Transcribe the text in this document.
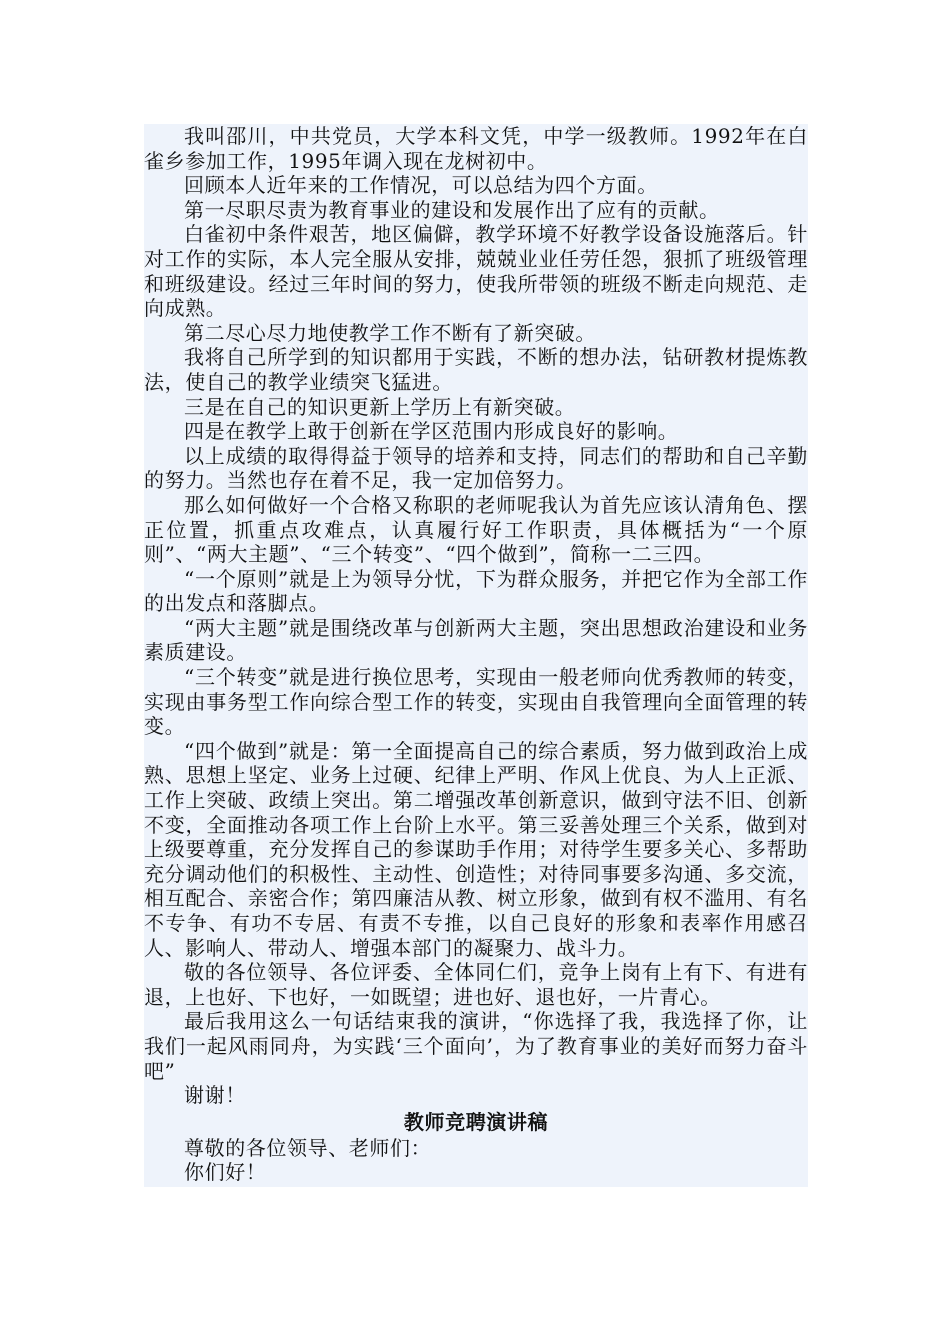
我叫邵川，中共党员，大学本科文凭，中学一级教师。1992年在白雀乡参加工作，1995年调入现在龙树初中。

回顾本人近年来的工作情况，可以总结为四个方面。

第一尽职尽责为教育事业的建设和发展作出了应有的贡献。

白雀初中条件艰苦，地区偏僻，教学环境不好教学设备设施落后。针对工作的实际，本人完全服从安排，兢兢业业任劳任怨，狠抓了班级管理和班级建设。经过三年时间的努力，使我所带领的班级不断走向规范、走向成熟。

第二尽心尽力地使教学工作不断有了新突破。

我将自己所学到的知识都用于实践，不断的想办法，钻研教材提炼教法，使自己的教学业绩突飞猛进。

三是在自己的知识更新上学历上有新突破。

四是在教学上敢于创新在学区范围内形成良好的影响。

以上成绩的取得得益于领导的培养和支持，同志们的帮助和自己辛勤的努力。当然也存在着不足，我一定加倍努力。

那么如何做好一个合格又称职的老师呢我认为首先应该认清角色、摆正位置，抓重点攻难点，认真履行好工作职责，具体概括为“一个原则”、“两大主题”、“三个转变”、“四个做到”，简称一二三四。

“一个原则”就是上为领导分忧，下为群众服务，并把它作为全部工作的出发点和落脚点。

“两大主题”就是围绕改革与创新两大主题，突出思想政治建设和业务素质建设。

“三个转变”就是进行换位思考，实现由一般老师向优秀教师的转变，实现由事务型工作向综合型工作的转变，实现由自我管理向全面管理的转变。

“四个做到”就是：第一全面提高自己的综合素质，努力做到政治上成熟、思想上坚定、业务上过硬、纪律上严明、作风上优良、为人上正派、工作上突破、政绩上突出。第二增强改革创新意识，做到守法不旧、创新不变，全面推动各项工作上台阶上水平。第三妥善处理三个关系，做到对上级要尊重，充分发挥自己的参谋助手作用；对待学生要多关心、多帮助充分调动他们的积极性、主动性、创造性；对待同事要多沟通、多交流，相互配合、亲密合作；第四廉洁从教、树立形象，做到有权不滥用、有名不专争、有功不专居、有责不专推，以自己良好的形象和表率作用感召人、影响人、带动人、增强本部门的凝聚力、战斗力。

敬的各位领导、各位评委、全体同仁们，竞争上岗有上有下、有进有退，上也好、下也好，一如既望；进也好、退也好，一片青心。

最后我用这么一句话结束我的演讲，“你选择了我，我选择了你，让我们一起风雨同舟，为实践‘三个面向’，为了教育事业的美好而努力奋斗吧”

谢谢！

教师竞聘演讲稿

尊敬的各位领导、老师们：

你们好！
